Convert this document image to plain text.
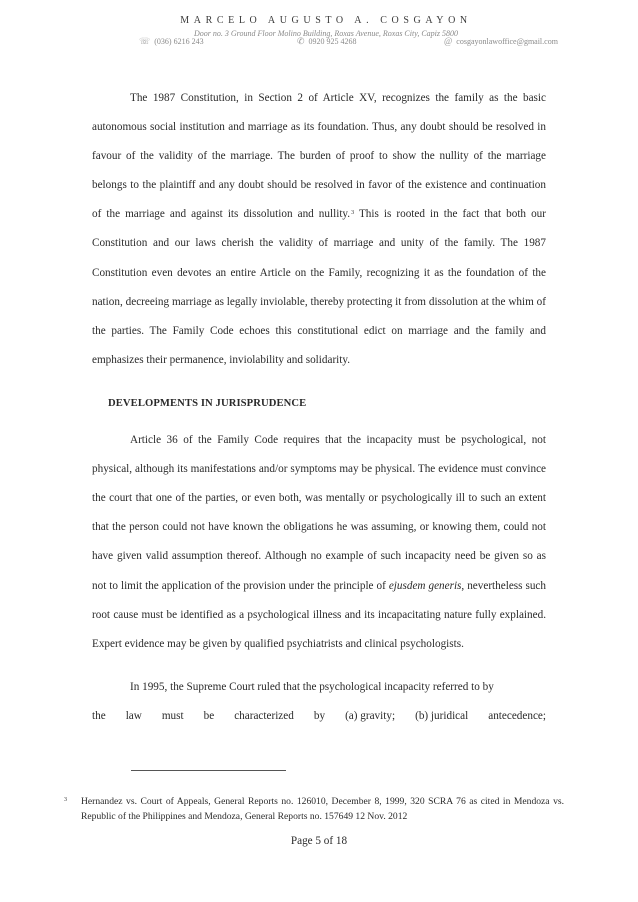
MARCELO AUGUSTO A. COSGAYON
Door no. 3 Ground Floor Molino Building, Roxas Avenue, Roxas City, Capiz 5800
☏ (036) 6216 243	✆ 0920 925 4268	@ cosgayonlawoffice@gmail.com

The 1987 Constitution, in Section 2 of Article XV, recognizes the family as the basic autonomous social institution and marriage as its foundation. Thus, any doubt should be resolved in favour of the validity of the marriage. The burden of proof to show the nullity of the marriage belongs to the plaintiff and any doubt should be resolved in favor of the existence and continuation of the marriage and against its dissolution and nullity.$^3$ This is rooted in the fact that both our Constitution and our laws cherish the validity of marriage and unity of the family. The 1987 Constitution even devotes an entire Article on the Family, recognizing it as the foundation of the nation, decreeing marriage as legally inviolable, thereby protecting it from dissolution at the whim of the parties. The Family Code echoes this constitutional edict on marriage and the family and emphasizes their permanence, inviolability and solidarity.

DEVELOPMENTS IN JURISPRUDENCE

Article 36 of the Family Code requires that the incapacity must be psychological, not physical, although its manifestations and/or symptoms may be physical. The evidence must convince the court that one of the parties, or even both, was mentally or psychologically ill to such an extent that the person could not have known the obligations he was assuming, or knowing them, could not have given valid assumption thereof. Although no example of such incapacity need be given so as not to limit the application of the provision under the principle of ejusdem generis, nevertheless such root cause must be identified as a psychological illness and its incapacitating nature fully explained. Expert evidence may be given by qualified psychiatrists and clinical psychologists.

In 1995, the Supreme Court ruled that the psychological incapacity referred to by

the law must be characterized by (a) gravity; (b) juridical antecedence;
3 Hernandez vs. Court of Appeals, General Reports no. 126010, December 8, 1999, 320 SCRA 76 as cited in Mendoza vs. Republic of the Philippines and Mendoza, General Reports no. 157649 12 Nov. 2012
Page 5 of 18
